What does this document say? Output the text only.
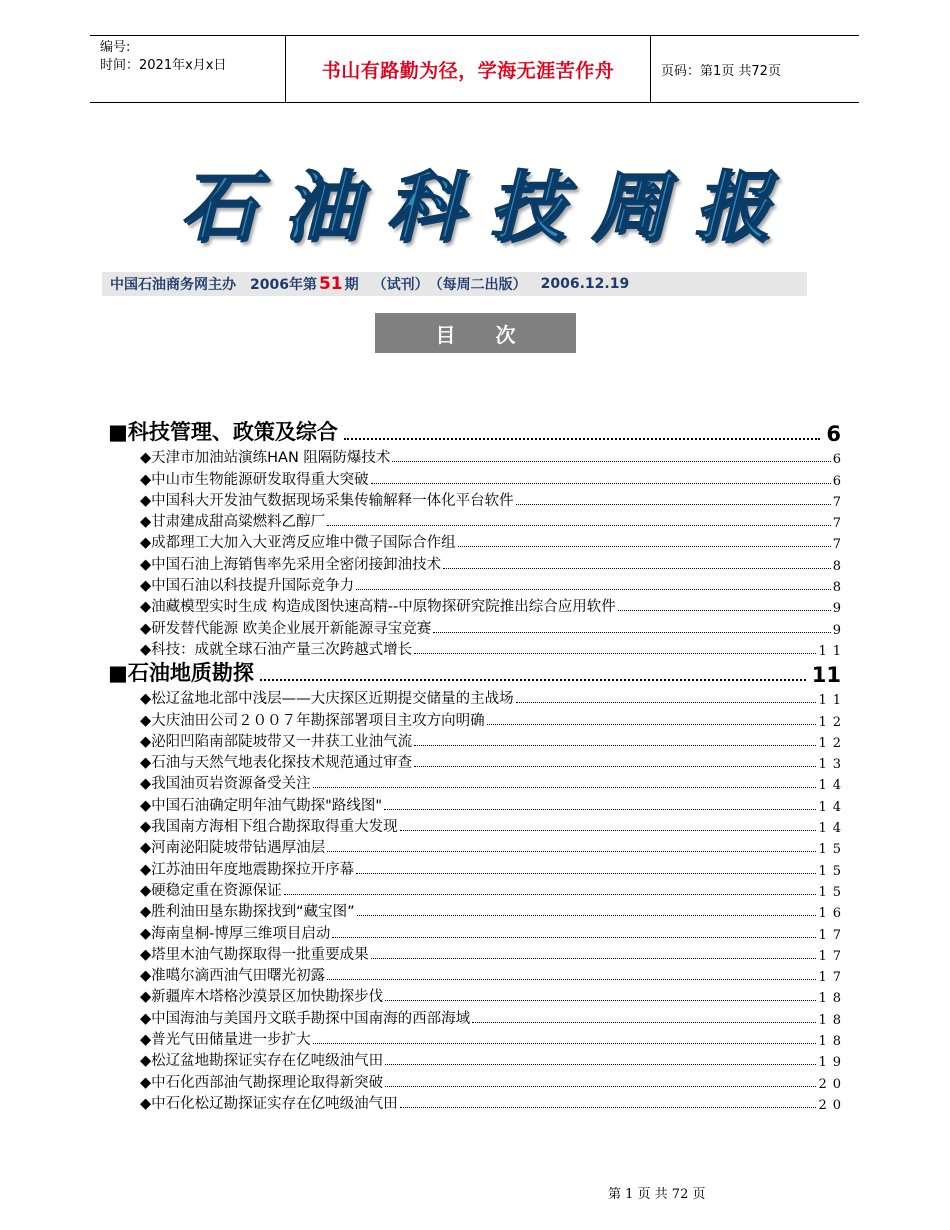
编号:
时间：2021年x月x日	书山有路勤为径，学海无涯苦作舟	页码：第1页 共72页
石 油 科 技 周 报
中国石油商务网主办 2006年第 51 期 （试刊） （每周二出版） 2006.12.19
目次
■科技管理、政策及综合	6
◆天津市加油站演练HAN 阻隔防爆技术	6
◆中山市生物能源研发取得重大突破	6
◆中国科大开发油气数据现场采集传输解释一体化平台软件	7
◆甘肃建成甜高粱燃料乙醇厂	7
◆成都理工大加入大亚湾反应堆中微子国际合作组	7
◆中国石油上海销售率先采用全密闭接卸油技术	8
◆中国石油以科技提升国际竞争力	8
◆油藏模型实时生成 构造成图快速高精--中原物探研究院推出综合应用软件	9
◆研发替代能源 欧美企业展开新能源寻宝竞赛	9
◆科技：成就全球石油产量三次跨越式增长	11
■石油地质勘探	11
◆松辽盆地北部中浅层——大庆探区近期提交储量的主战场	11
◆大庆油田公司２００７年勘探部署项目主攻方向明确	12
◆泌阳凹陷南部陡坡带又一井获工业油气流	12
◆石油与天然气地表化探技术规范通过审查	13
◆我国油页岩资源备受关注	14
◆中国石油确定明年油气勘探"路线图"	14
◆我国南方海相下组合勘探取得重大发现	14
◆河南泌阳陡坡带钻遇厚油层	15
◆江苏油田年度地震勘探拉开序幕	15
◆硬稳定重在资源保证	15
◆胜利油田垦东勘探找到“藏宝图”	16
◆海南皇桐-博厚三维项目启动	17
◆塔里木油气勘探取得一批重要成果	17
◆准噶尔滴西油气田曙光初露	17
◆新疆库木塔格沙漠景区加快勘探步伐	18
◆中国海油与美国丹文联手勘探中国南海的西部海域	18
◆普光气田储量进一步扩大	18
◆松辽盆地勘探证实存在亿吨级油气田	19
◆中石化西部油气勘探理论取得新突破	20
◆中石化松辽勘探证实存在亿吨级油气田	20
第 1 页 共 72 页
